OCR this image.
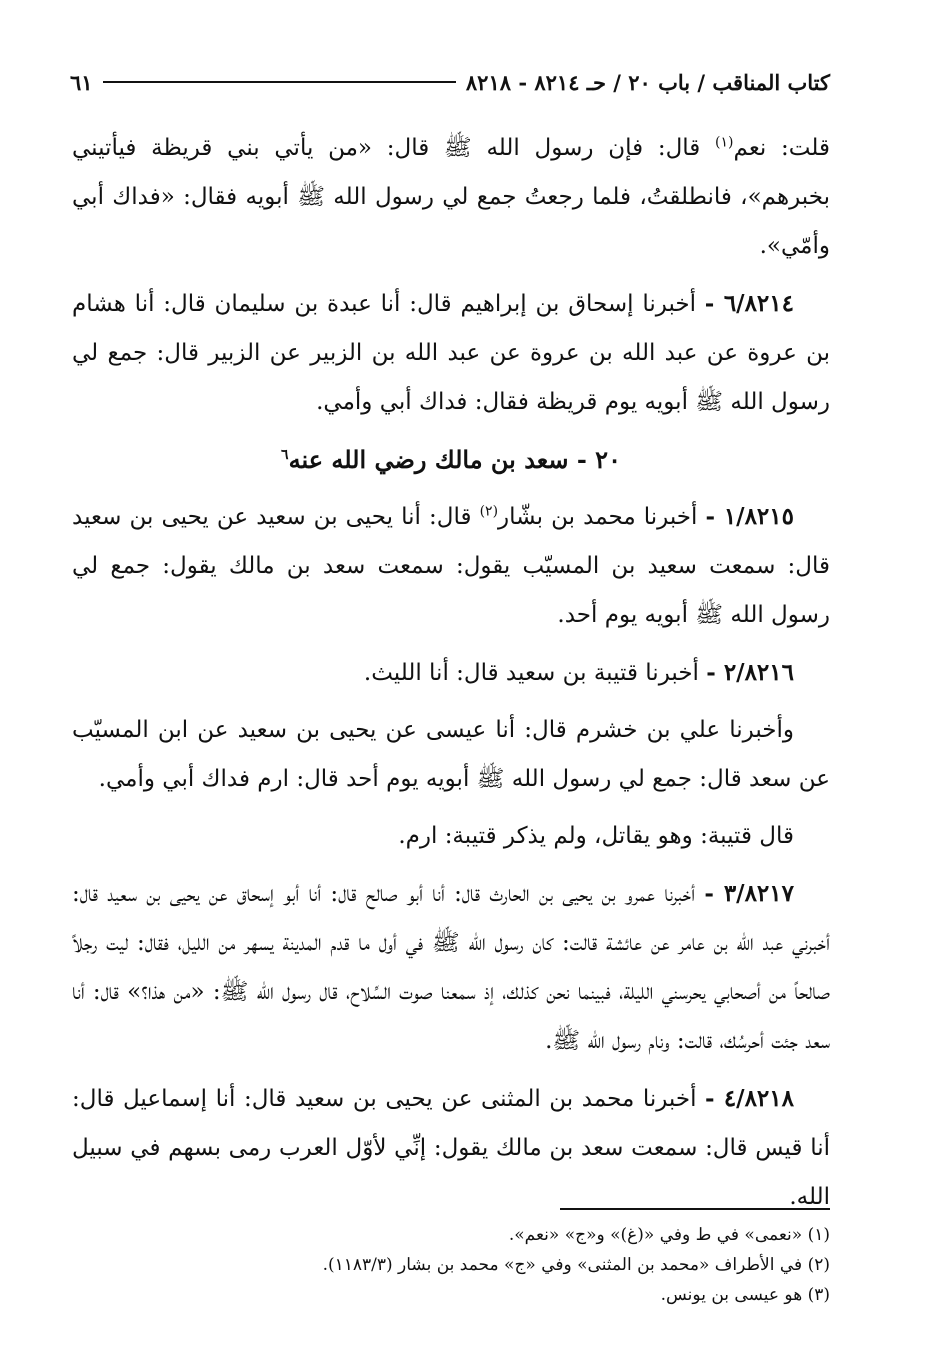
كتاب المناقب / باب ٢٠ / حـ ٨٢١٤ - ٨٢١٨
٦١

قلت: نعم$^{(١)}$ قال: فإن رسول الله ﷺ قال: «من يأتي بني قريظة فيأتيني بخبرهم»، فانطلقتُ، فلما رجعتُ جمع لي رسول الله ﷺ أبويه فقال: «فداك أبي وأمّي».

٦/٨٢١٤ - أخبرنا إسحاق بن إبراهيم قال: أنا عبدة بن سليمان قال: أنا هشام بن عروة عن عبد الله بن عروة عن عبد الله بن الزبير عن الزبير قال: جمع لي رسول الله ﷺ أبويه يوم قريظة فقال: فداك أبي وأمي.

٢٠ - سعد بن مالك رضي الله عنه$^٦$

١/٨٢١٥ - أخبرنا محمد بن بشّار$^{(٢)}$ قال: أنا يحيى بن سعيد عن يحيى بن سعيد قال: سمعت سعيد بن المسيّب يقول: سمعت سعد بن مالك يقول: جمع لي رسول الله ﷺ أبويه يوم أحد.

٢/٨٢١٦ - أخبرنا قتيبة بن سعيد قال: أنا الليث.

وأخبرنا علي بن خشرم قال: أنا عيسى عن يحيى بن سعيد عن ابن المسيّب عن سعد قال: جمع لي رسول الله ﷺ أبويه يوم أحد قال: ارم فداك أبي وأمي.

قال قتيبة: وهو يقاتل، ولم يذكر قتيبة: ارم.

٣/٨٢١٧ - أخبرنا عمرو بن يحيى بن الحارث قال: أنا أبو صالح قال: أنا أبو إسحاق عن يحيى بن سعيد قال: أخبرني عبد الله بن عامر عن عائشة قالت: كان رسول الله ﷺ في أول ما قدم المدينة يسهر من الليل، فقال: ليت رجلاً صالحاً من أصحابي يحرسني الليلة، فبينما نحن كذلك، إذ سمعنا صوت السِّلاح، قال رسول الله ﷺ: «من هذا؟» قال: أنا سعد جئت أحرسُك، قالت: ونام رسول الله ﷺ.

٤/٨٢١٨ - أخبرنا محمد بن المثنى عن يحيى بن سعيد قال: أنا إسماعيل قال: أنا قيس قال: سمعت سعد بن مالك يقول: إنِّي لأوّل العرب رمى بسهم في سبيل الله.

(١) «نعمى» في ط وفي «(غ)» و«ج» «نعم».
(٢) في الأطراف «محمد بن المثنى» وفي «ج» محمد بن بشار (١١٨٣/٣).
(٣) هو عيسى بن يونس.
